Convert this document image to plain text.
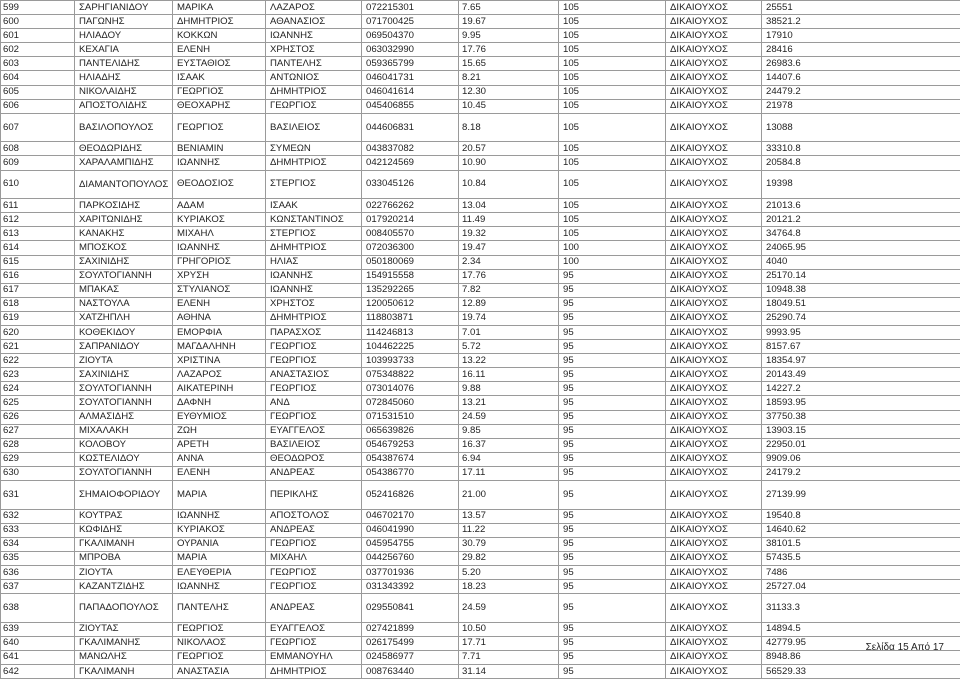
599	ΣΑΡΗΓΙΑΝΙΔΟΥ	ΜΑΡΙΚΑ	ΛΑΖΑΡΟΣ	072215301	7.65	105	ΔΙΚΑΙΟΥΧΟΣ	25551
600	ΠΑΓΩΝΗΣ	ΔΗΜΗΤΡΙΟΣ	ΑΘΑΝΑΣΙΟΣ	071700425	19.67	105	ΔΙΚΑΙΟΥΧΟΣ	38521.2
601	ΗΛΙΑΔΟΥ	ΚΟΚΚΩΝ	ΙΩΑΝΝΗΣ	069504370	9.95	105	ΔΙΚΑΙΟΥΧΟΣ	17910
602	ΚΕΧΑΓΙΑ	ΕΛΕΝΗ	ΧΡΗΣΤΟΣ	063032990	17.76	105	ΔΙΚΑΙΟΥΧΟΣ	28416
603	ΠΑΝΤΕΛΙΔΗΣ	ΕΥΣΤΑΘΙΟΣ	ΠΑΝΤΕΛΗΣ	059365799	15.65	105	ΔΙΚΑΙΟΥΧΟΣ	26983.6
604	ΗΛΙΑΔΗΣ	ΙΣΑΑΚ	ΑΝΤΩΝΙΟΣ	046041731	8.21	105	ΔΙΚΑΙΟΥΧΟΣ	14407.6
605	ΝΙΚΟΛΑΙΔΗΣ	ΓΕΩΡΓΙΟΣ	ΔΗΜΗΤΡΙΟΣ	046041614	12.30	105	ΔΙΚΑΙΟΥΧΟΣ	24479.2
606	ΑΠΟΣΤΟΛΙΔΗΣ	ΘΕΟΧΑΡΗΣ	ΓΕΩΡΓΙΟΣ	045406855	10.45	105	ΔΙΚΑΙΟΥΧΟΣ	21978
607	ΒΑΣΙΛΟΠΟΥΛΟΣ	ΓΕΩΡΓΙΟΣ	ΒΑΣΙΛΕΙΟΣ	044606831	8.18	105	ΔΙΚΑΙΟΥΧΟΣ	13088
608	ΘΕΟΔΩΡΙΔΗΣ	ΒΕΝΙΑΜΙΝ	ΣΥΜΕΩΝ	043837082	20.57	105	ΔΙΚΑΙΟΥΧΟΣ	33310.8
609	ΧΑΡΑΛΑΜΠΙΔΗΣ	ΙΩΑΝΝΗΣ	ΔΗΜΗΤΡΙΟΣ	042124569	10.90	105	ΔΙΚΑΙΟΥΧΟΣ	20584.8
610	ΔΙΑΜΑΝΤΟΠΟΥΛΟΣ	ΘΕΟΔΟΣΙΟΣ	ΣΤΕΡΓΙΟΣ	033045126	10.84	105	ΔΙΚΑΙΟΥΧΟΣ	19398
611	ΠΑΡΚΟΣΙΔΗΣ	ΑΔΑΜ	ΙΣΑΑΚ	022766262	13.04	105	ΔΙΚΑΙΟΥΧΟΣ	21013.6
612	ΧΑΡΙΤΩΝΙΔΗΣ	ΚΥΡΙΑΚΟΣ	ΚΩΝΣΤΑΝΤΙΝΟΣ	017920214	11.49	105	ΔΙΚΑΙΟΥΧΟΣ	20121.2
613	ΚΑΝΑΚΗΣ	ΜΙΧΑΗΛ	ΣΤΕΡΓΙΟΣ	008405570	19.32	105	ΔΙΚΑΙΟΥΧΟΣ	34764.8
614	ΜΠΟΣΚΟΣ	ΙΩΑΝΝΗΣ	ΔΗΜΗΤΡΙΟΣ	072036300	19.47	100	ΔΙΚΑΙΟΥΧΟΣ	24065.95
615	ΣΑΧΙΝΙΔΗΣ	ΓΡΗΓΟΡΙΟΣ	ΗΛΙΑΣ	050180069	2.34	100	ΔΙΚΑΙΟΥΧΟΣ	4040
616	ΣΟΥΛΤΟΓΙΑΝΝΗ	ΧΡΥΣΗ	ΙΩΑΝΝΗΣ	154915558	17.76	95	ΔΙΚΑΙΟΥΧΟΣ	25170.14
617	ΜΠΑΚΑΣ	ΣΤΥΛΙΑΝΟΣ	ΙΩΑΝΝΗΣ	135292265	7.82	95	ΔΙΚΑΙΟΥΧΟΣ	10948.38
618	ΝΑΣΤΟΥΛΑ	ΕΛΕΝΗ	ΧΡΗΣΤΟΣ	120050612	12.89	95	ΔΙΚΑΙΟΥΧΟΣ	18049.51
619	ΧΑΤΖΗΠΛΗ	ΑΘΗΝΑ	ΔΗΜΗΤΡΙΟΣ	118803871	19.74	95	ΔΙΚΑΙΟΥΧΟΣ	25290.74
620	ΚΟΘΕΚΙΔΟΥ	ΕΜΟΡΦΙΑ	ΠΑΡΑΣΧΟΣ	114246813	7.01	95	ΔΙΚΑΙΟΥΧΟΣ	9993.95
621	ΣΑΠΡΑΝΙΔΟΥ	ΜΑΓΔΑΛΗΝΗ	ΓΕΩΡΓΙΟΣ	104462225	5.72	95	ΔΙΚΑΙΟΥΧΟΣ	8157.67
622	ΖΙΟΥΤΑ	ΧΡΙΣΤΙΝΑ	ΓΕΩΡΓΙΟΣ	103993733	13.22	95	ΔΙΚΑΙΟΥΧΟΣ	18354.97
623	ΣΑΧΙΝΙΔΗΣ	ΛΑΖΑΡΟΣ	ΑΝΑΣΤΑΣΙΟΣ	075348822	16.11	95	ΔΙΚΑΙΟΥΧΟΣ	20143.49
624	ΣΟΥΛΤΟΓΙΑΝΝΗ	ΑΙΚΑΤΕΡΙΝΗ	ΓΕΩΡΓΙΟΣ	073014076	9.88	95	ΔΙΚΑΙΟΥΧΟΣ	14227.2
625	ΣΟΥΛΤΟΓΙΑΝΝΗ	ΔΑΦΝΗ	ΑΝΔ	072845060	13.21	95	ΔΙΚΑΙΟΥΧΟΣ	18593.95
626	ΑΛΜΑΣΙΔΗΣ	ΕΥΘΥΜΙΟΣ	ΓΕΩΡΓΙΟΣ	071531510	24.59	95	ΔΙΚΑΙΟΥΧΟΣ	37750.38
627	ΜΙΧΑΛΑΚΗ	ΖΩΗ	ΕΥΑΓΓΕΛΟΣ	065639826	9.85	95	ΔΙΚΑΙΟΥΧΟΣ	13903.15
628	ΚΟΛΟΒΟΥ	ΑΡΕΤΗ	ΒΑΣΙΛΕΙΟΣ	054679253	16.37	95	ΔΙΚΑΙΟΥΧΟΣ	22950.01
629	ΚΩΣΤΕΛΙΔΟΥ	ΑΝΝΑ	ΘΕΟΔΩΡΟΣ	054387674	6.94	95	ΔΙΚΑΙΟΥΧΟΣ	9909.06
630	ΣΟΥΛΤΟΓΙΑΝΝΗ	ΕΛΕΝΗ	ΑΝΔΡΕΑΣ	054386770	17.11	95	ΔΙΚΑΙΟΥΧΟΣ	24179.2
631	ΣΗΜΑΙΟΦΟΡΙΔΟΥ	ΜΑΡΙΑ	ΠΕΡΙΚΛΗΣ	052416826	21.00	95	ΔΙΚΑΙΟΥΧΟΣ	27139.99
632	ΚΟΥΤΡΑΣ	ΙΩΑΝΝΗΣ	ΑΠΟΣΤΟΛΟΣ	046702170	13.57	95	ΔΙΚΑΙΟΥΧΟΣ	19540.8
633	ΚΩΦΙΔΗΣ	ΚΥΡΙΑΚΟΣ	ΑΝΔΡΕΑΣ	046041990	11.22	95	ΔΙΚΑΙΟΥΧΟΣ	14640.62
634	ΓΚΑΛΙΜΑΝΗ	ΟΥΡΑΝΙΑ	ΓΕΩΡΓΙΟΣ	045954755	30.79	95	ΔΙΚΑΙΟΥΧΟΣ	38101.5
635	ΜΠΡΟΒΑ	ΜΑΡΙΑ	ΜΙΧΑΗΛ	044256760	29.82	95	ΔΙΚΑΙΟΥΧΟΣ	57435.5
636	ΖΙΟΥΤΑ	ΕΛΕΥΘΕΡΙΑ	ΓΕΩΡΓΙΟΣ	037701936	5.20	95	ΔΙΚΑΙΟΥΧΟΣ	7486
637	ΚΑΖΑΝΤΖΙΔΗΣ	ΙΩΑΝΝΗΣ	ΓΕΩΡΓΙΟΣ	031343392	18.23	95	ΔΙΚΑΙΟΥΧΟΣ	25727.04
638	ΠΑΠΑΔΟΠΟΥΛΟΣ	ΠΑΝΤΕΛΗΣ	ΑΝΔΡΕΑΣ	029550841	24.59	95	ΔΙΚΑΙΟΥΧΟΣ	31133.3
639	ΖΙΟΥΤΑΣ	ΓΕΩΡΓΙΟΣ	ΕΥΑΓΓΕΛΟΣ	027421899	10.50	95	ΔΙΚΑΙΟΥΧΟΣ	14894.5
640	ΓΚΑΛΙΜΑΝΗΣ	ΝΙΚΟΛΑΟΣ	ΓΕΩΡΓΙΟΣ	026175499	17.71	95	ΔΙΚΑΙΟΥΧΟΣ	42779.95
641	ΜΑΝΩΛΗΣ	ΓΕΩΡΓΙΟΣ	ΕΜΜΑΝΟΥΗΛ	024586977	7.71	95	ΔΙΚΑΙΟΥΧΟΣ	8948.86
642	ΓΚΑΛΙΜΑΝΗ	ΑΝΑΣΤΑΣΙΑ	ΔΗΜΗΤΡΙΟΣ	008763440	31.14	95	ΔΙΚΑΙΟΥΧΟΣ	56529.33
Σελίδα 15 Από 17
